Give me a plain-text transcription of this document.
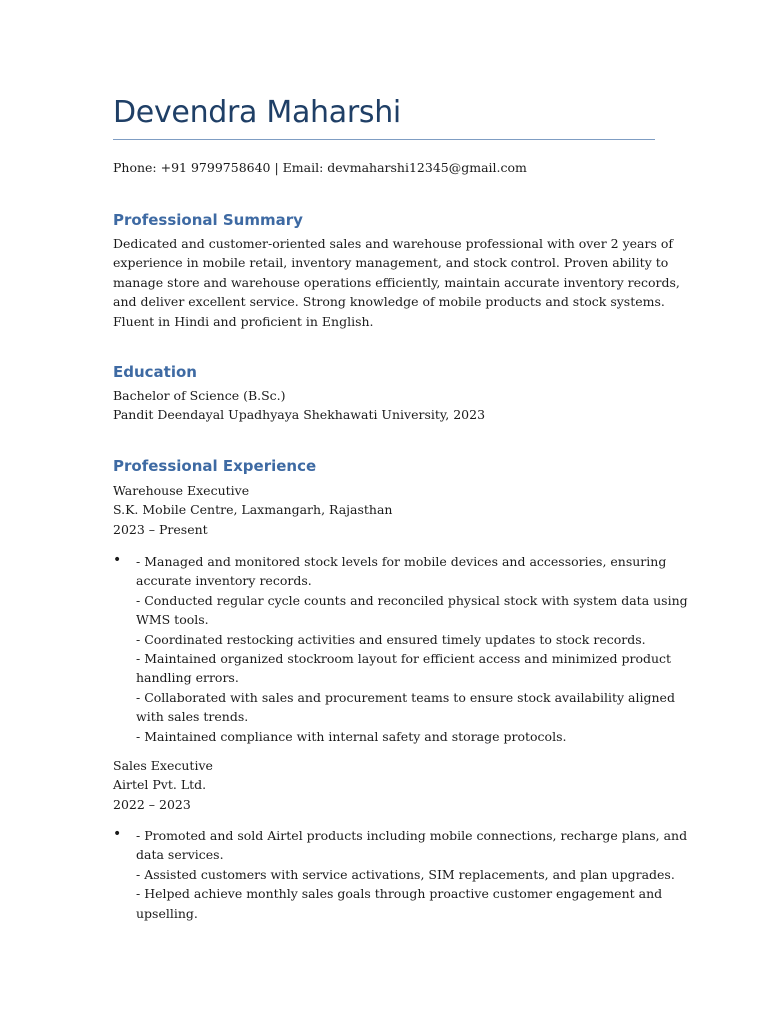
Devendra Maharshi
Phone: +91 9799758640 | Email: devmaharshi12345@gmail.com
Professional Summary
Dedicated and customer-oriented sales and warehouse professional with over 2 years of
experience in mobile retail, inventory management, and stock control. Proven ability to
manage store and warehouse operations efficiently, maintain accurate inventory records,
and deliver excellent service. Strong knowledge of mobile products and stock systems.
Fluent in Hindi and proficient in English.
Education
Bachelor of Science (B.Sc.)
Pandit Deendayal Upadhyaya Shekhawati University, 2023
Professional Experience
Warehouse Executive
S.K. Mobile Centre, Laxmangarh, Rajasthan
2023 – Present
• - Managed and monitored stock levels for mobile devices and accessories, ensuring
accurate inventory records.
- Conducted regular cycle counts and reconciled physical stock with system data using
WMS tools.
- Coordinated restocking activities and ensured timely updates to stock records.
- Maintained organized stockroom layout for efficient access and minimized product
handling errors.
- Collaborated with sales and procurement teams to ensure stock availability aligned
with sales trends.
- Maintained compliance with internal safety and storage protocols.
Sales Executive
Airtel Pvt. Ltd.
2022 – 2023
• - Promoted and sold Airtel products including mobile connections, recharge plans, and
data services.
- Assisted customers with service activations, SIM replacements, and plan upgrades.
- Helped achieve monthly sales goals through proactive customer engagement and
upselling.
